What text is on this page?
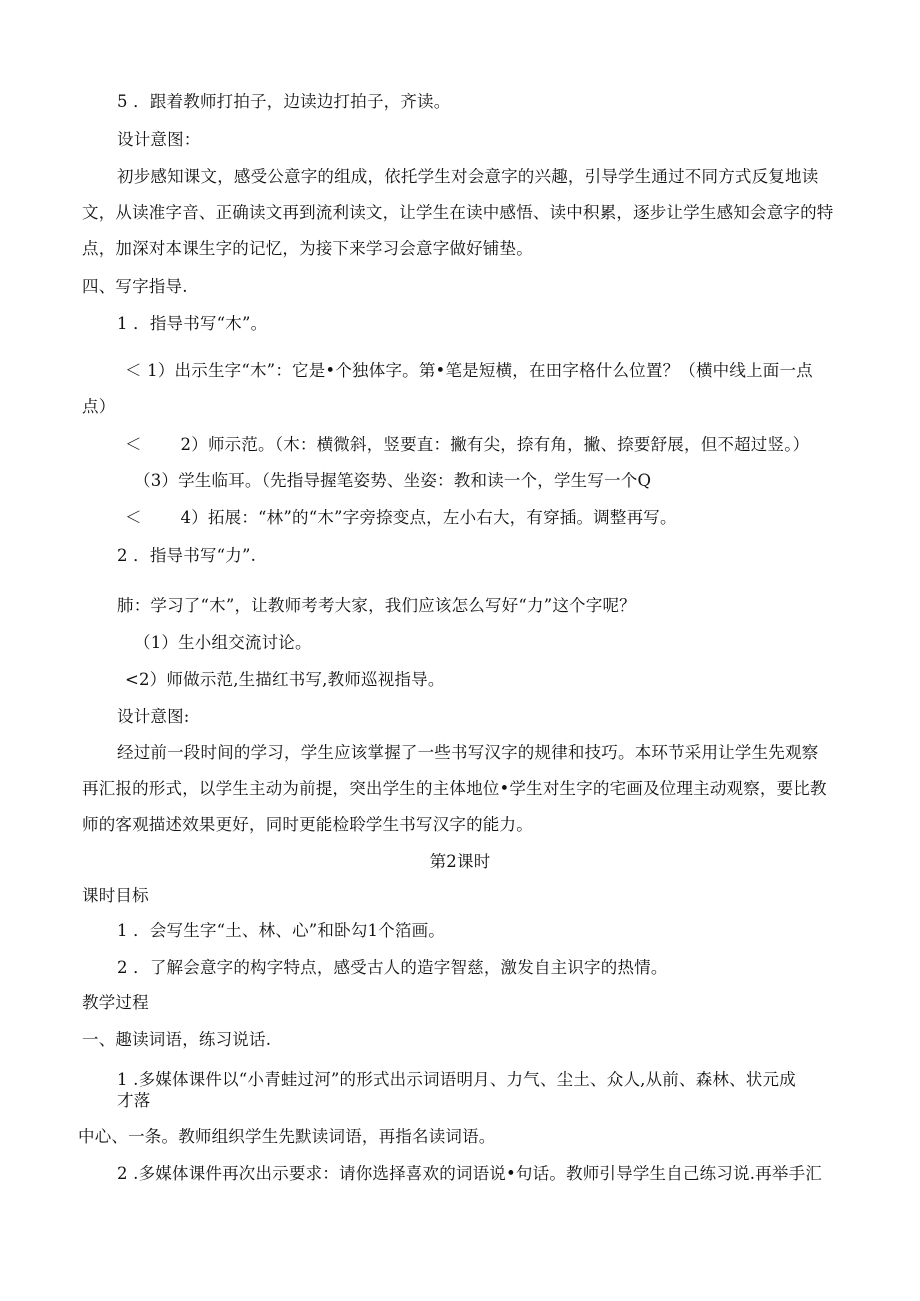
5 ．跟着教师打拍子，边读边打拍子，齐读。
设计意图：
初步感知课文，感受公意字的组成，依托学生对会意字的兴趣，引导学生通过不同方式反复地读
文，从读准字音、正确读文再到流利读文，让学生在读中感悟、读中积累，逐步让学生感知会意字的特
点，加深对本课生字的记忆，为接下来学习会意字做好铺垫。
四、写字指导.
1 ．指导书写“木”。
＜ 1）出示生字“木”：它是•个独体字。第•笔是短横，在田字格什么位置？（横中线上面一点
点）
＜　　 2）师示范。（木：横微斜，竖要直：撇有尖，捺有角，撇、捺要舒展，但不超过竖。）
（3）学生临耳。（先指导握笔姿势、坐姿：教和读一个，学生写一个Q
＜　　 4）拓展：“林”的“木”字旁捺变点，左小右大，有穿插。调整再写。
2 ．指导书写“力”.
肺：学习了“木”，让教师考考大家，我们应该怎么写好“力”这个字呢？
（1）生小组交流讨论。
<2）师做示范,生描红书写,教师巡视指导。
设计意图:
经过前一段时间的学习，学生应该掌握了一些书写汉字的规律和技巧。本环节采用让学生先观察
再汇报的形式，以学生主动为前提，突出学生的主体地位•学生对生字的宅画及位理主动观察，要比教
师的客观描述效果更好，同时更能检聆学生书写汉字的能力。
第2课时
课时目标
1 ．会写生字“土、林、心”和卧勾1个箔画。
2 ．了解会意字的构字特点，感受古人的造字智慈，激发自主识字的热情。
教学过程
一、趣读词语，练习说话.
1 .多媒体课件以“小青蛙过河”的形式出示词语明月、力气、尘土、众人,从前、森林、状元成
才落
中心、一条。教师组织学生先默读词语，再指名读词语。
2 .多媒体课件再次出示要求：请你选择喜欢的词语说•句话。教师引导学生自己练习说.再举手汇
